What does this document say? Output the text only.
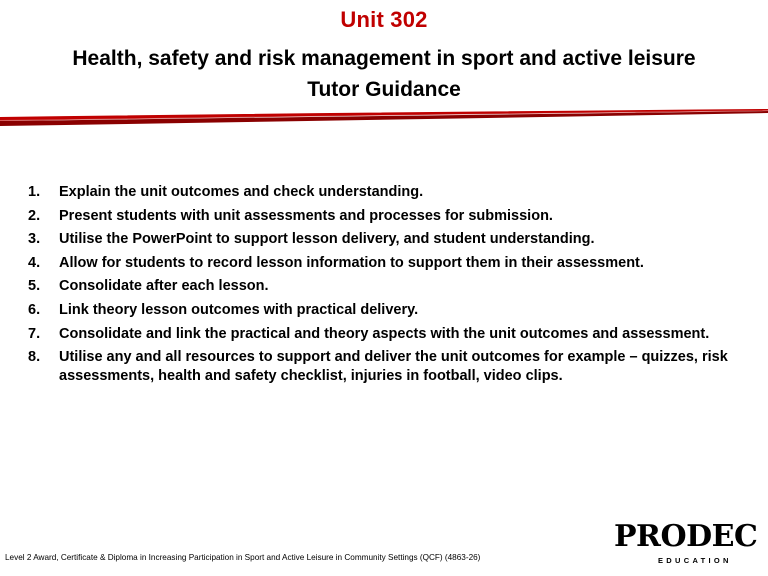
Unit 302
Health, safety and risk management in sport and active leisure
Tutor Guidance
1.	Explain the unit outcomes and check understanding.
2.	Present students with unit assessments and processes for submission.
3.	Utilise the PowerPoint to support lesson delivery, and student understanding.
4.	Allow for students to record lesson information to support them in their assessment.
5.	Consolidate after each lesson.
6.	Link theory lesson outcomes with practical delivery.
7.	Consolidate and link the practical and theory aspects with the unit outcomes and assessment.
8.	Utilise any and all resources to support and deliver the unit outcomes for example – quizzes, risk assessments, health and safety checklist, injuries in football, video clips.
Level 2 Award, Certificate & Diploma in Increasing Participation in Sport and Active Leisure in Community Settings (QCF) (4863-26)
PRODEC
EDUCATION
